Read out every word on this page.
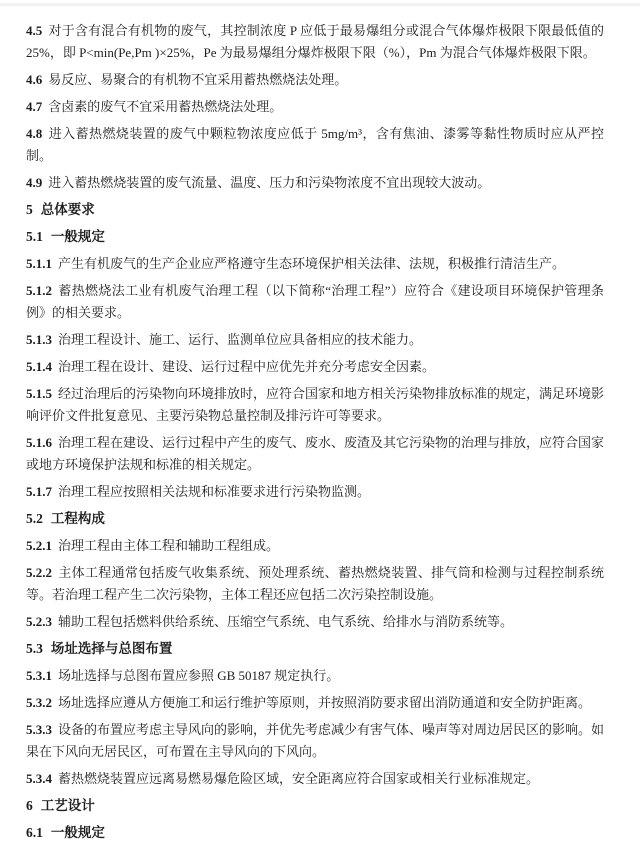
4.5 对于含有混合有机物的废气，其控制浓度 P 应低于最易爆组分或混合气体爆炸极限下限最低值的 25%，即 P<min(Pe,Pm )×25%，Pe 为最易爆组分爆炸极限下限（%），Pm 为混合气体爆炸极限下限。

4.6 易反应、易聚合的有机物不宜采用蓄热燃烧法处理。

4.7 含卤素的废气不宜采用蓄热燃烧法处理。

4.8 进入蓄热燃烧装置的废气中颗粒物浓度应低于 5mg/m³，含有焦油、漆雾等黏性物质时应从严控制。

4.9 进入蓄热燃烧装置的废气流量、温度、压力和污染物浓度不宜出现较大波动。

5 总体要求

5.1 一般规定

5.1.1 产生有机废气的生产企业应严格遵守生态环境保护相关法律、法规，积极推行清洁生产。

5.1.2 蓄热燃烧法工业有机废气治理工程（以下简称“治理工程”）应符合《建设项目环境保护管理条例》的相关要求。

5.1.3 治理工程设计、施工、运行、监测单位应具备相应的技术能力。

5.1.4 治理工程在设计、建设、运行过程中应优先并充分考虑安全因素。

5.1.5 经过治理后的污染物向环境排放时，应符合国家和地方相关污染物排放标准的规定，满足环境影响评价文件批复意见、主要污染物总量控制及排污许可等要求。

5.1.6 治理工程在建设、运行过程中产生的废气、废水、废渣及其它污染物的治理与排放，应符合国家或地方环境保护法规和标准的相关规定。

5.1.7 治理工程应按照相关法规和标准要求进行污染物监测。

5.2 工程构成

5.2.1 治理工程由主体工程和辅助工程组成。

5.2.2 主体工程通常包括废气收集系统、预处理系统、蓄热燃烧装置、排气筒和检测与过程控制系统等。若治理工程产生二次污染物，主体工程还应包括二次污染控制设施。

5.2.3 辅助工程包括燃料供给系统、压缩空气系统、电气系统、给排水与消防系统等。

5.3 场址选择与总图布置

5.3.1 场址选择与总图布置应参照 GB 50187 规定执行。

5.3.2 场址选择应遵从方便施工和运行维护等原则，并按照消防要求留出消防通道和安全防护距离。

5.3.3 设备的布置应考虑主导风向的影响，并优先考虑减少有害气体、噪声等对周边居民区的影响。如果在下风向无居民区，可布置在主导风向的下风向。

5.3.4 蓄热燃烧装置应远离易燃易爆危险区域，安全距离应符合国家或相关行业标准规定。

6 工艺设计

6.1 一般规定
